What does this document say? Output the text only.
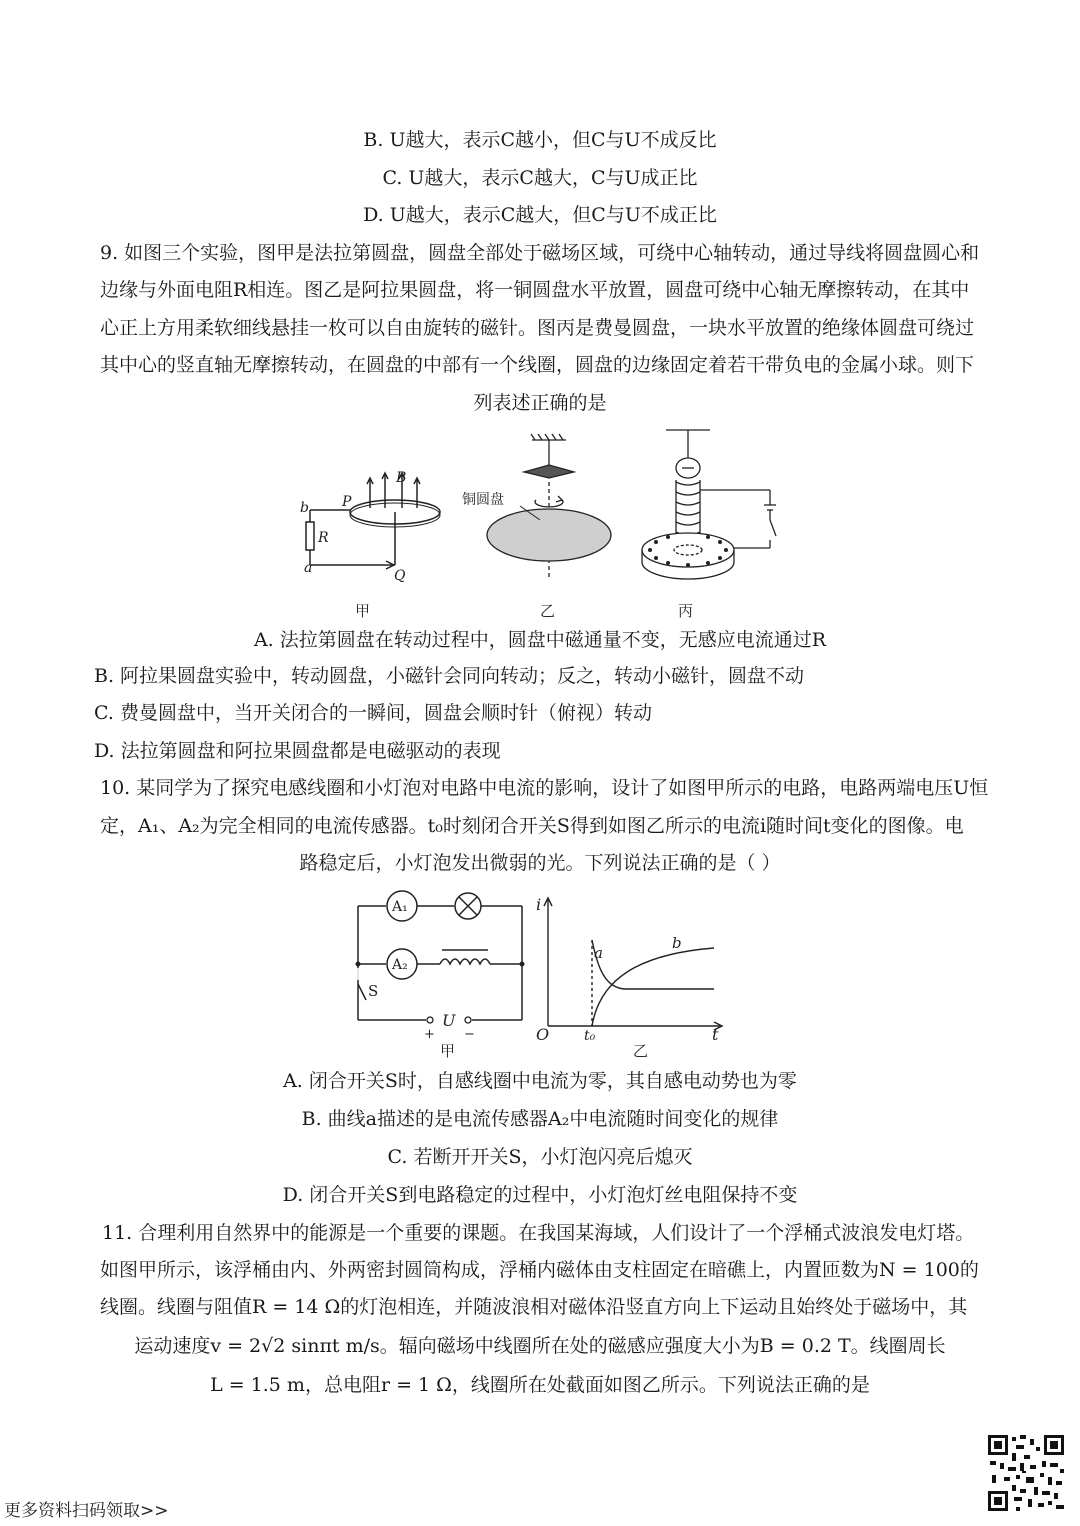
B. U越大，表示C越小，但C与U不成反比
C. U越大，表示C越大，C与U成正比
D. U越大，表示C越大，但C与U不成正比
9. 如图三个实验，图甲是法拉第圆盘，圆盘全部处于磁场区域，可绕中心轴转动，通过导线将圆盘圆心和
边缘与外面电阻R相连。图乙是阿拉果圆盘，将一铜圆盘水平放置，圆盘可绕中心轴无摩擦转动，在其中
心正上方用柔软细线悬挂一枚可以自由旋转的磁针。图丙是费曼圆盘，一块水平放置的绝缘体圆盘可绕过
其中心的竖直轴无摩擦转动，在圆盘的中部有一个线圈，圆盘的边缘固定着若干带负电的金属小球。则下
列表述正确的是
b
R
a
P
B
Q
铜圆盘
甲	乙	丙
A. 法拉第圆盘在转动过程中，圆盘中磁通量不变，无感应电流通过R
B. 阿拉果圆盘实验中，转动圆盘，小磁针会同向转动；反之，转动小磁针，圆盘不动
C. 费曼圆盘中，当开关闭合的一瞬间，圆盘会顺时针（俯视）转动
D. 法拉第圆盘和阿拉果圆盘都是电磁驱动的表现
10. 某同学为了探究电感线圈和小灯泡对电路中电流的影响，设计了如图甲所示的电路，电路两端电压U恒
定，A₁、A₂为完全相同的电流传感器。t₀时刻闭合开关S得到如图乙所示的电流i随时间t变化的图像。电
路稳定后，小灯泡发出微弱的光。下列说法正确的是（ ）
A₁
A₂
S
U
+ −
甲
i
t
O t₀
a
b
乙
A. 闭合开关S时，自感线圈中电流为零，其自感电动势也为零
B. 曲线a描述的是电流传感器A₂中电流随时间变化的规律
C. 若断开开关S，小灯泡闪亮后熄灭
D. 闭合开关S到电路稳定的过程中，小灯泡灯丝电阻保持不变
11. 合理利用自然界中的能源是一个重要的课题。在我国某海域，人们设计了一个浮桶式波浪发电灯塔。
如图甲所示，该浮桶由内、外两密封圆筒构成，浮桶内磁体由支柱固定在暗礁上，内置匝数为N = 100的
线圈。线圈与阻值R = 14 Ω的灯泡相连，并随波浪相对磁体沿竖直方向上下运动且始终处于磁场中，其
运动速度v = 2√2 sinπt m/s。辐向磁场中线圈所在处的磁感应强度大小为B = 0.2 T。线圈周长
L = 1.5 m，总电阻r = 1 Ω，线圈所在处截面如图乙所示。下列说法正确的是
更多资料扫码领取>>
